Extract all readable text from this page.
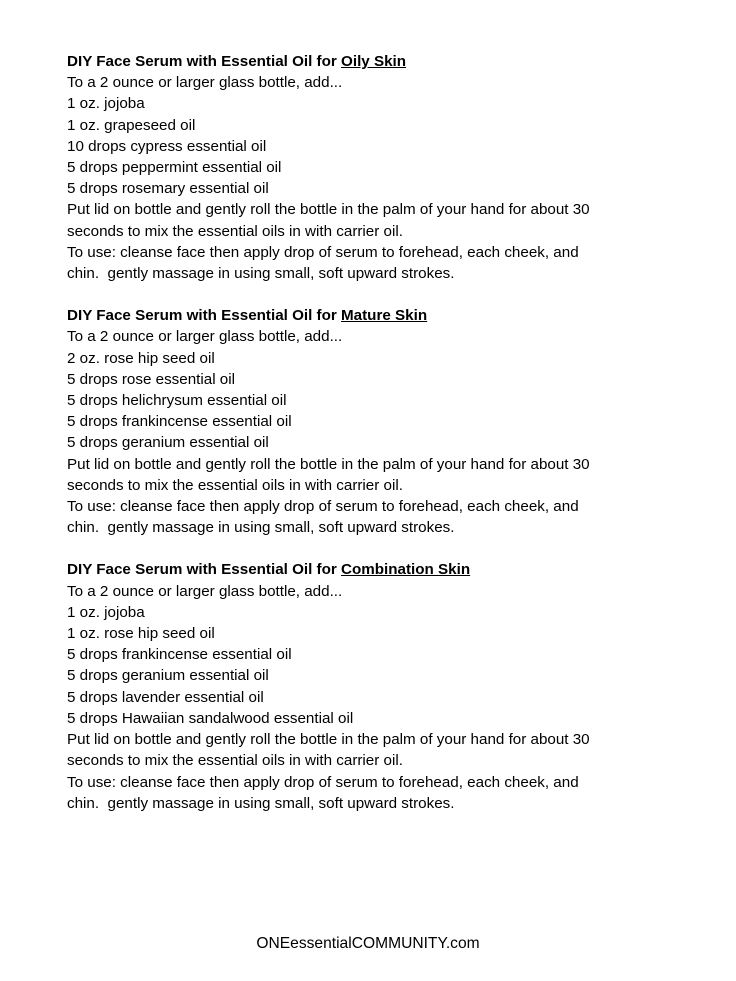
DIY Face Serum with Essential Oil for Oily Skin
To a 2 ounce or larger glass bottle, add...
1 oz. jojoba
1 oz. grapeseed oil
10 drops cypress essential oil
5 drops peppermint essential oil
5 drops rosemary essential oil
Put lid on bottle and gently roll the bottle in the palm of your hand for about 30
seconds to mix the essential oils in with carrier oil.
To use: cleanse face then apply drop of serum to forehead, each cheek, and
chin.  gently massage in using small, soft upward strokes.
DIY Face Serum with Essential Oil for Mature Skin
To a 2 ounce or larger glass bottle, add...
2 oz. rose hip seed oil
5 drops rose essential oil
5 drops helichrysum essential oil
5 drops frankincense essential oil
5 drops geranium essential oil
Put lid on bottle and gently roll the bottle in the palm of your hand for about 30
seconds to mix the essential oils in with carrier oil.
To use: cleanse face then apply drop of serum to forehead, each cheek, and
chin.  gently massage in using small, soft upward strokes.
DIY Face Serum with Essential Oil for Combination Skin
To a 2 ounce or larger glass bottle, add...
1 oz. jojoba
1 oz. rose hip seed oil
5 drops frankincense essential oil
5 drops geranium essential oil
5 drops lavender essential oil
5 drops Hawaiian sandalwood essential oil
Put lid on bottle and gently roll the bottle in the palm of your hand for about 30
seconds to mix the essential oils in with carrier oil.
To use: cleanse face then apply drop of serum to forehead, each cheek, and
chin.  gently massage in using small, soft upward strokes.
ONEessentialCOMMUNITY.com
